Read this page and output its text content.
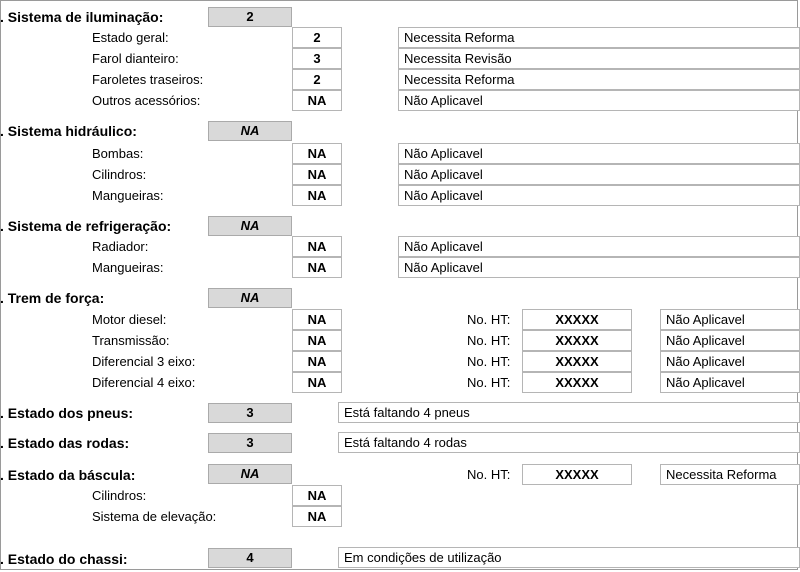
. Sistema de iluminação:	2
Estado geral:	2	Necessita Reforma
Farol dianteiro:	3	Necessita Revisão
Faroletes traseiros:	2	Necessita Reforma
Outros acessórios:	NA	Não Aplicavel
. Sistema hidráulico:	NA
Bombas:	NA	Não Aplicavel
Cilindros:	NA	Não Aplicavel
Mangueiras:	NA	Não Aplicavel
. Sistema de refrigeração:	NA
Radiador:	NA	Não Aplicavel
Mangueiras:	NA	Não Aplicavel
. Trem de força:	NA
Motor diesel:	NA	No. HT:	XXXXX	Não Aplicavel
Transmissão:	NA	No. HT:	XXXXX	Não Aplicavel
Diferencial 3 eixo:	NA	No. HT:	XXXXX	Não Aplicavel
Diferencial 4 eixo:	NA	No. HT:	XXXXX	Não Aplicavel
. Estado dos pneus:	3	Está faltando 4 pneus
. Estado das rodas:	3	Está faltando 4 rodas
. Estado da báscula:	NA	No. HT:	XXXXX	Necessita Reforma
Cilindros:	NA
Sistema de elevação:	NA
. Estado do chassi:	4	Em condições de utilização
